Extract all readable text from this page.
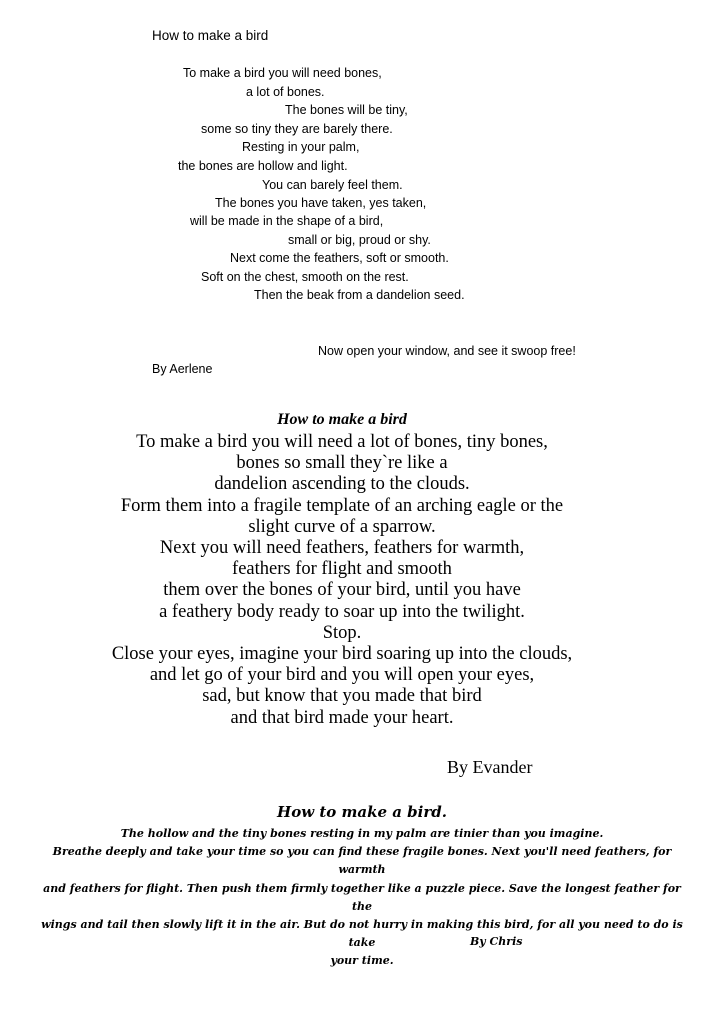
How to make a bird
To make a bird you will need bones,
a lot of bones.
The bones will be tiny,
some so tiny they are barely there.
Resting in your palm,
the bones are hollow and light.
You can barely feel them.
The bones you have taken, yes taken,
will be made in the shape of a bird,
small or big, proud or shy.
Next come the feathers, soft or smooth.
Soft on the chest, smooth on the rest.
Then the beak from a dandelion seed.
Now open your window, and see it swoop free!
By Aerlene
How to make a bird
To make a bird you will need a lot of bones, tiny bones,
bones so small they`re like a
dandelion ascending to the clouds.
Form them into a fragile template of an arching eagle or the
slight curve of a sparrow.
Next you will need feathers, feathers for warmth,
feathers for flight and smooth
them over the bones of your bird, until you have
a feathery body ready to soar up into the twilight.
Stop.
Close your eyes, imagine your bird soaring up into the clouds,
and let go of your bird and you will open your eyes,
sad, but know that you made that bird
and that bird made your heart.
By Evander
How to make a bird.
The hollow and the tiny bones resting in my palm are tinier than you imagine.
Breathe deeply and take your time so you can find these fragile bones. Next you'll need feathers, for warmth
and feathers for flight. Then push them firmly together like a puzzle piece. Save the longest feather for the
wings and tail then slowly lift it in the air. But do not hurry in making this bird, for all you need to do is take
your time.
By Chris
